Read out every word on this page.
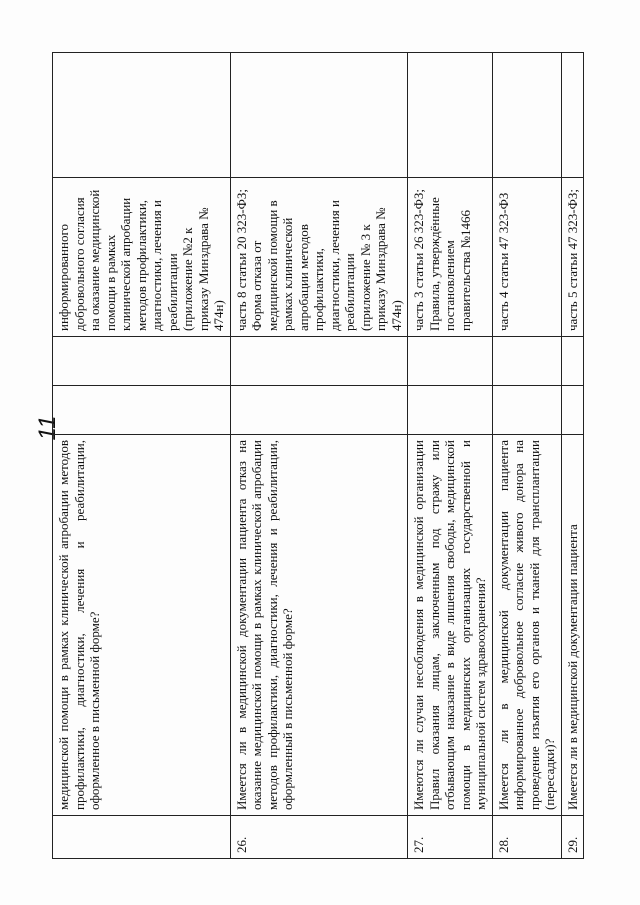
11
	медицинской помощи в рамках клинической апробации методов профилактики, диагностики, лечения и реабилитации, оформленное в письменной форме?			информированного добровольного согласия на оказание медицинской помощи в рамках клинической апробации методов профилактики, диагностики, лечения и реабилитации (приложение №2 к приказу Минздрава № 474н)	
26.	Имеется ли в медицинской документации пациента отказ на оказание медицинской помощи в рамках клинической апробации методов профилактики, диагностики, лечения и реабилитации, оформленный в письменной форме?			часть 8 статьи 20 323-ФЗ; Форма отказа от медицинской помощи в рамках клинической апробации методов профилактики, диагностики, лечения и реабилитации (приложение № 3 к приказу Минздрава № 474н)	
27.	Имеются ли случаи несоблюдения в медицинской организации Правил оказания лицам, заключенным под стражу или отбывающим наказание в виде лишения свободы, медицинской помощи в медицинских организациях государственной и муниципальной систем здравоохранения?			часть 3 статьи 26 323-ФЗ; Правила, утверждённые постановлением правительства №1466	
28.	Имеется ли в медицинской документации пациента информированное добровольное согласие живого донора на проведение изъятия его органов и тканей для трансплантации (пересадки)?			часть 4 статьи 47 323-ФЗ	
29.	Имеется ли в медицинской документации пациента			часть 5 статьи 47 323-ФЗ;	
